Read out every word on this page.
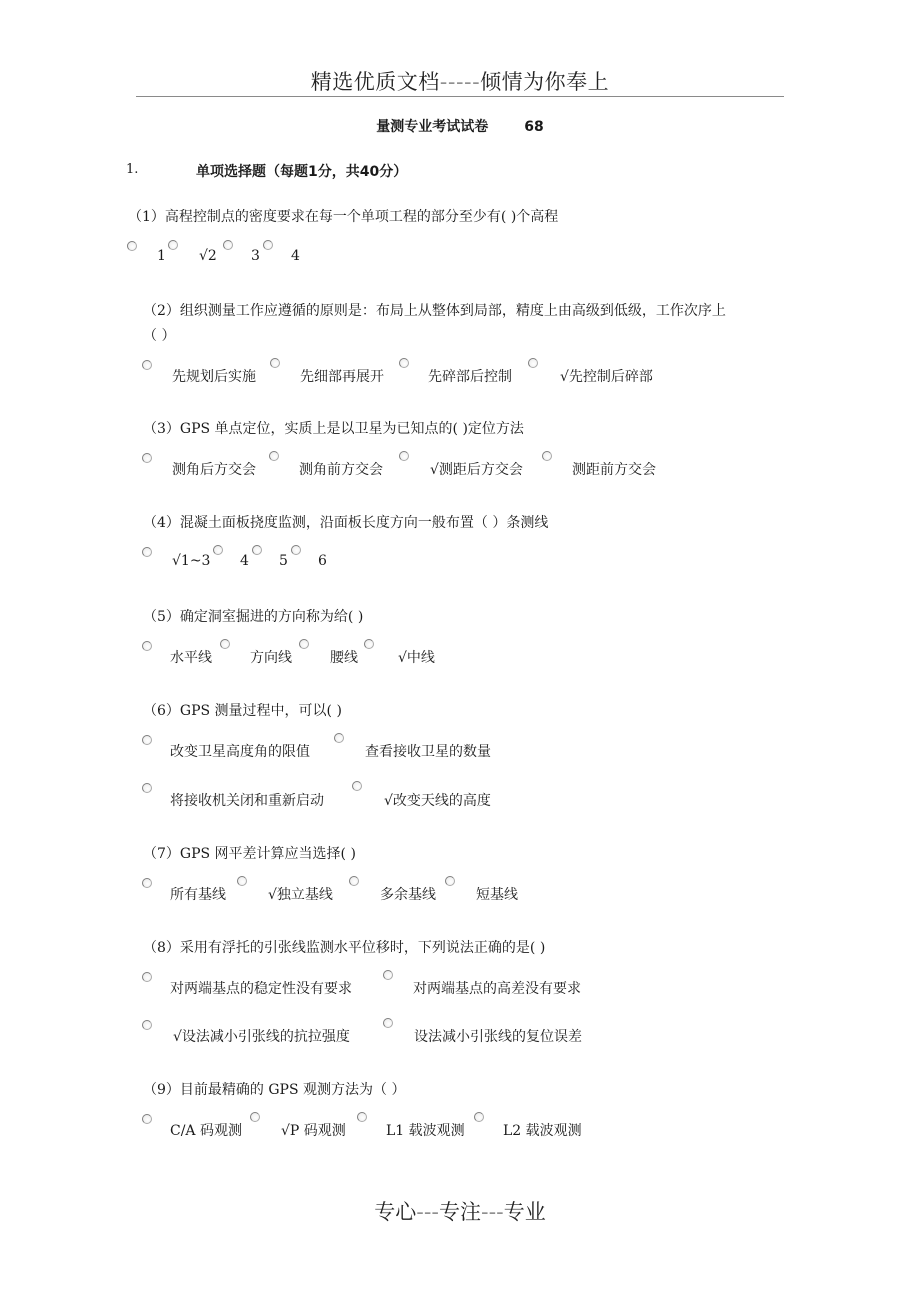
精选优质文档-----倾情为你奉上
量测专业考试试卷	68
1.	单项选择题（每题1分，共40分）
（1）高程控制点的密度要求在每一个单项工程的部分至少有( )个高程
1 √2 3 4
（2）组织测量工作应遵循的原则是：布局上从整体到局部，精度上由高级到低级，工作次序上
（ ）
先规划后实施	先细部再展开	先碎部后控制	√先控制后碎部
（3）GPS 单点定位，实质上是以卫星为已知点的( )定位方法
测角后方交会	测角前方交会	√测距后方交会	测距前方交会
（4）混凝土面板挠度监测，沿面板长度方向一般布置（ ）条测线
√1~3 4 5 6
（5）确定洞室掘进的方向称为给( )
水平线	方向线	腰线	√中线
（6）GPS 测量过程中，可以( )
改变卫星高度角的限值	查看接收卫星的数量
将接收机关闭和重新启动	√改变天线的高度
（7）GPS 网平差计算应当选择( )
所有基线	√独立基线	多余基线	短基线
（8）采用有浮托的引张线监测水平位移时，下列说法正确的是( )
对两端基点的稳定性没有要求	对两端基点的高差没有要求
√设法减小引张线的抗拉强度	设法减小引张线的复位误差
（9）目前最精确的 GPS 观测方法为（ ）
C/A 码观测	√P 码观测	L1 载波观测	L2 载波观测
专心---专注---专业
